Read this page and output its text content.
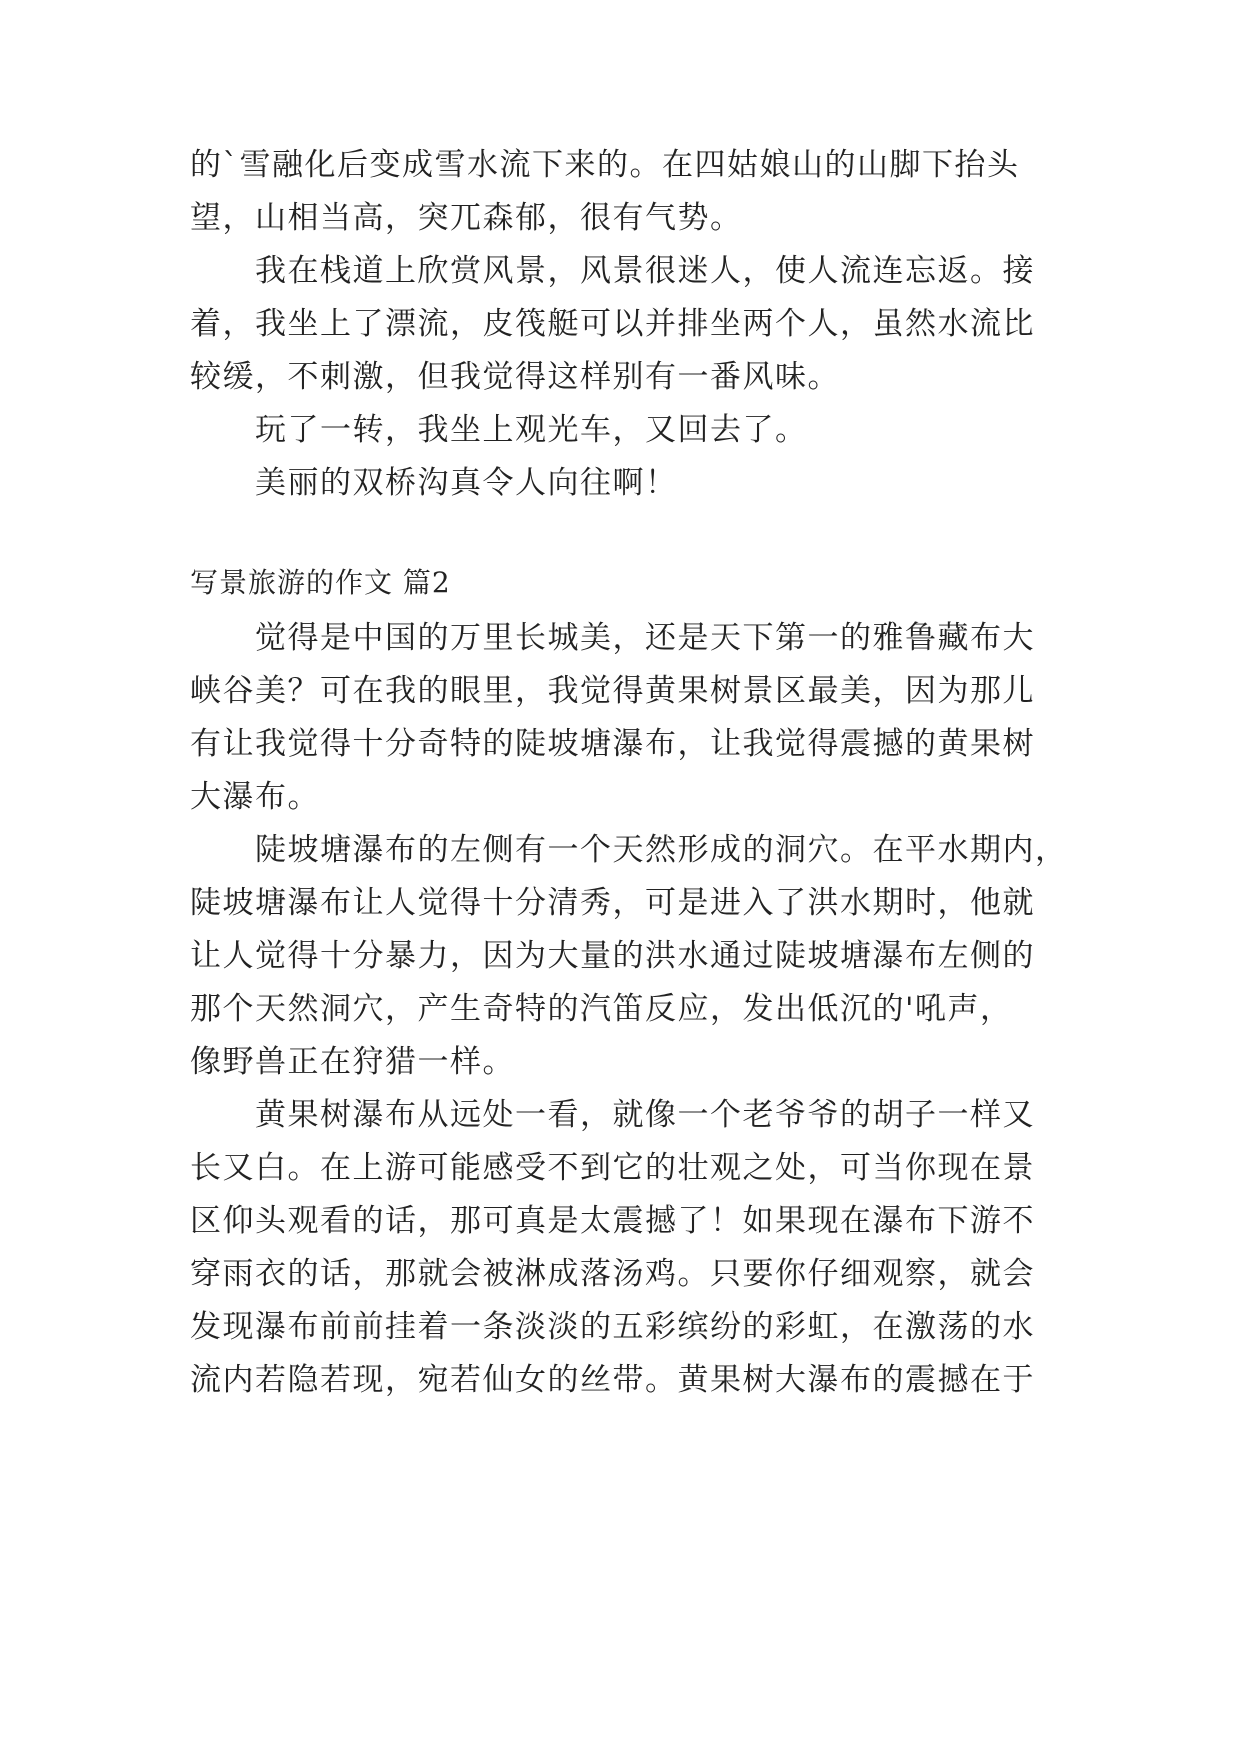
的`雪融化后变成雪水流下来的。在四姑娘山的山脚下抬头
望，山相当高，突兀森郁，很有气势。
　　我在栈道上欣赏风景，风景很迷人，使人流连忘返。接
着，我坐上了漂流，皮筏艇可以并排坐两个人，虽然水流比
较缓，不刺激，但我觉得这样别有一番风味。
　　玩了一转，我坐上观光车，又回去了。
　　美丽的双桥沟真令人向往啊！
写景旅游的作文 篇2
　　觉得是中国的万里长城美，还是天下第一的雅鲁藏布大
峡谷美？可在我的眼里，我觉得黄果树景区最美，因为那儿
有让我觉得十分奇特的陡坡塘瀑布，让我觉得震撼的黄果树
大瀑布。
　　陡坡塘瀑布的左侧有一个天然形成的洞穴。在平水期内，
陡坡塘瀑布让人觉得十分清秀，可是进入了洪水期时，他就
让人觉得十分暴力，因为大量的洪水通过陡坡塘瀑布左侧的
那个天然洞穴，产生奇特的汽笛反应，发出低沉的'吼声，
像野兽正在狩猎一样。
　　黄果树瀑布从远处一看，就像一个老爷爷的胡子一样又
长又白。在上游可能感受不到它的壮观之处，可当你现在景
区仰头观看的话，那可真是太震撼了！如果现在瀑布下游不
穿雨衣的话，那就会被淋成落汤鸡。只要你仔细观察，就会
发现瀑布前前挂着一条淡淡的五彩缤纷的彩虹，在激荡的水
流内若隐若现，宛若仙女的丝带。黄果树大瀑布的震撼在于
